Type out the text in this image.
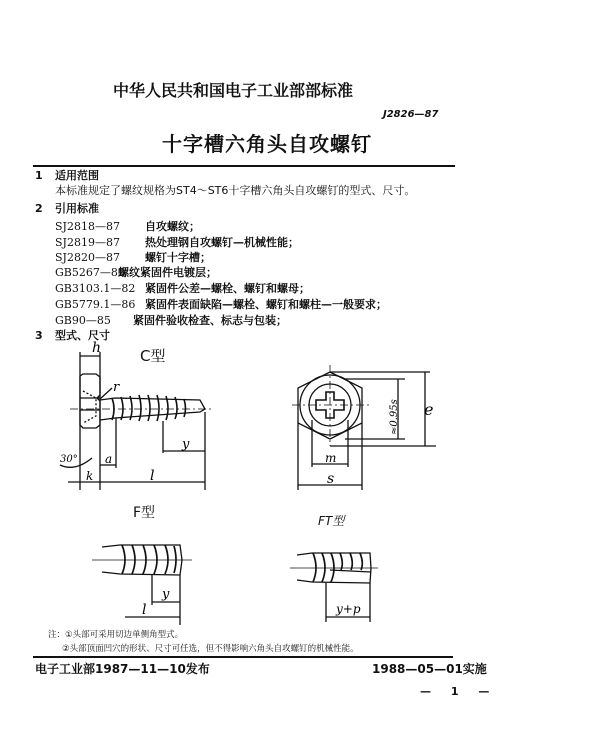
中华人民共和国电子工业部部标准
J2826—87
十字槽六角头自攻螺钉
1 适用范围
本标准规定了螺纹规格为ST4～ST6十字槽六角头自攻螺钉的型式、尺寸。
2 引用标准
SJ2818—87 自攻螺纹；
SJ2819—87 热处理钢自攻螺钉—机械性能；
SJ2820—87 螺钉十字槽；
GB5267—85螺纹紧固件电镀层；
GB3103.1—82 紧固件公差—螺栓、螺钉和螺母；
GB5779.1—86 紧固件表面缺陷—螺栓、螺钉和螺柱—一般要求；
GB90—85 紧固件验收检查、标志与包装；
3 型式、尺寸
C型
h
r
30° a
k	l
y
m
s
e
≈0.95s
y
l	y+p
F型	FT型
注：①头部可采用切边单侧角型式。
②头部顶面凹穴的形状、尺寸可任选，但不得影响六角头自攻螺钉的机械性能。
电子工业部1987—11—10发布	1988—05—01实施
— 1 —
